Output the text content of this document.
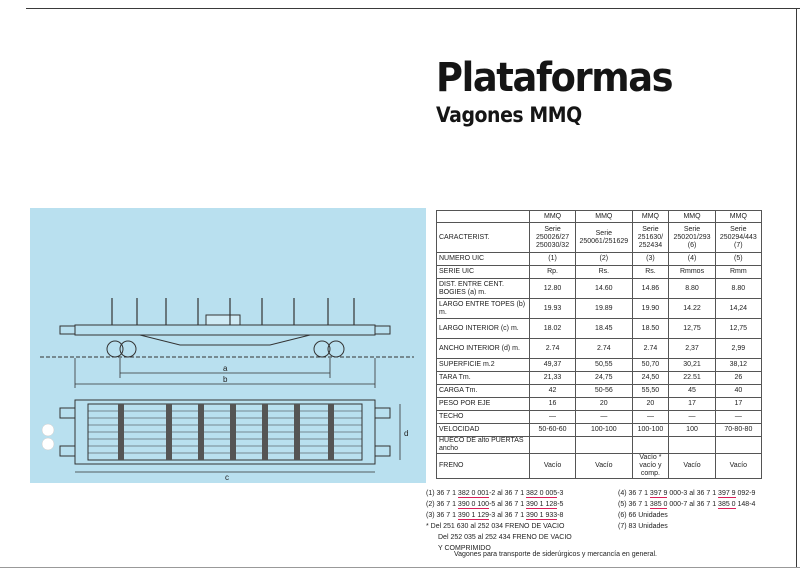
Plataformas
Vagones MMQ
a
b
c
d
	MMQ	MMQ	MMQ	MMQ	MMQ
CARACTERIST.	Serie 250026/27 250030/32	Serie 250061/251629	Serie 251630/ 252434	Serie 250201/293 (6)	Serie 250294/443 (7)
NUMERO UIC	(1)	(2)	(3)	(4)	(5)
SERIE UIC	Rp.	Rs.	Rs.	Rmmos	Rmm
DIST. ENTRE CENT. BOGIES (a) m.	12.80	14.60	14.86	8.80	8.80
LARGO ENTRE TOPES (b) m.	19.93	19.89	19.90	14.22	14,24
LARGO INTERIOR (c) m.	18.02	18.45	18.50	12,75	12,75
ANCHO INTERIOR (d) m.	2.74	2.74	2.74	2,37	2,99
SUPERFICIE m.2	49,37	50,55	50,70	30,21	38,12
TARA Tm.	21,33	24,75	24,50	22.51	26
CARGA Tm.	42	50-56	55,50	45	40
PESO POR EJE	16	20	20	17	17
TECHO	—	—	—	—	—
VELOCIDAD	50-60-60	100-100	100-100	100	70-80-80
HUECO DE alto PUERTAS ancho					
FRENO	Vacío	Vacío	Vacío * vacío y comp.	Vacío	Vacío
(1) 36 7 1 382 0 001-2 al 36 7 1 382 0 005-3
(2) 36 7 1 390 0 100-5 al 36 7 1 390 1 128-5
(3) 36 7 1 390 1 129-3 al 36 7 1 390 1 933-8
* Del 251 630 al 252 034 FRENO DE VACIO
Del 252 035 al 252 434 FRENO DE VACIO
Y COMPRIMIDO
(4) 36 7 1 397 9 000-3 al 36 7 1 397 9 092-9
(5) 36 7 1 385 0 000-7 al 36 7 1 385 0 148-4
(6) 66 Unidades
(7) 83 Unidades
Vagones para transporte de siderúrgicos y mercancía en general.
